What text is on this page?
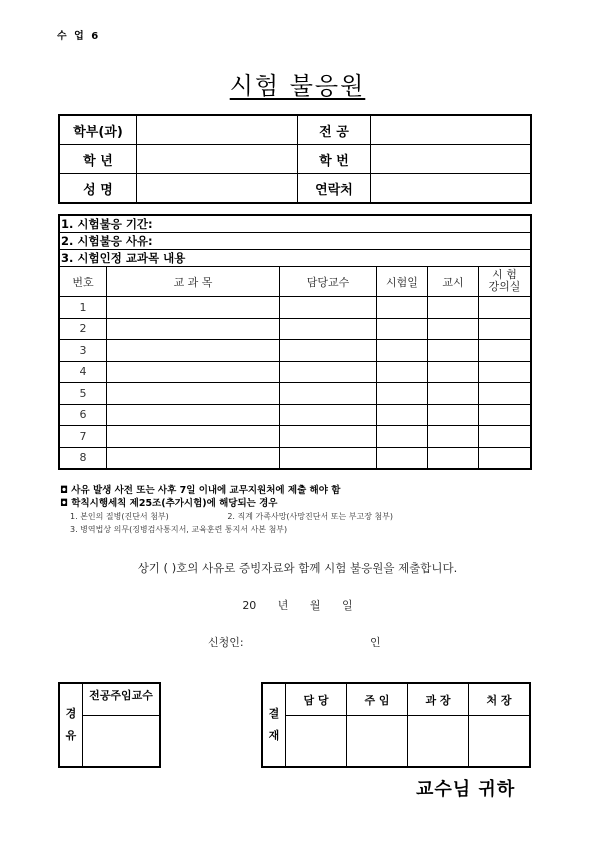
수 업 6
시험 불응원
학부(과)		전 공	
학 년		학 번	
성 명		연락처	
1. 시험불응 기간:					
2. 시험불응 사유:					
3. 시험인정 교과목 내용					
번호	교 과 목	담당교수	시험일	교시	시 험
강의실
1					
2					
3					
4					
5					
6					
7					
8					
◘ 사유 발생 사전 또는 사후 7일 이내에 교무지원처에 제출 해야 함
◘ 학칙시행세칙 제25조(추가시험)에 해당되는 경우
1. 본인의 질병(진단서 첨부)	2. 직계 가족사망(사망진단서 또는 부고장 첨부)
3. 병역법상 의무(징병검사통지서, 교육훈련 통지서 사본 첨부)
상기 ( )호의 사유로 증빙자료와 함께 시험 불응원을 제출합니다.
20 년 월 일
신청인:	인
경
유	전공주임교수

결
재	담 당	주 임	과 장	처 장

교수님 귀하
